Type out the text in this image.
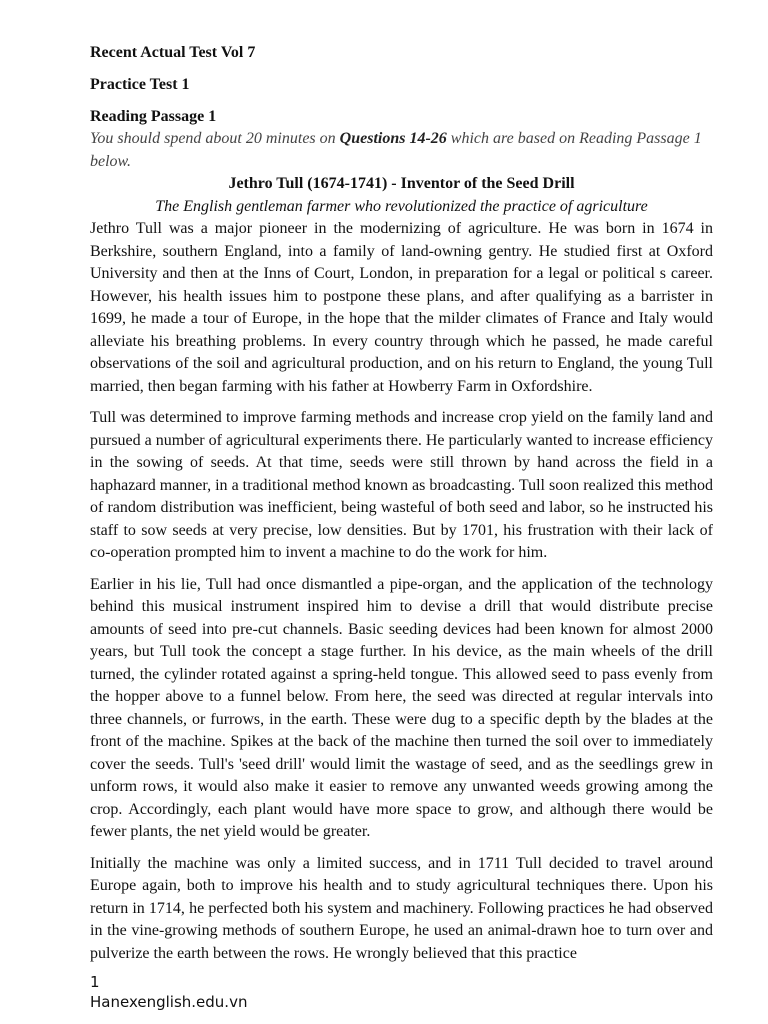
Recent Actual Test Vol 7

Practice Test 1

Reading Passage 1

You should spend about 20 minutes on Questions 14-26 which are based on Reading Passage 1 below.

Jethro Tull (1674-1741) - Inventor of the Seed Drill

The English gentleman farmer who revolutionized the practice of agriculture

Jethro Tull was a major pioneer in the modernizing of agriculture. He was born in 1674 in Berkshire, southern England, into a family of land-owning gentry. He studied first at Oxford University and then at the Inns of Court, London, in preparation for a legal or political s career. However, his health issues him to postpone these plans, and after qualifying as a barrister in 1699, he made a tour of Europe, in the hope that the milder climates of France and Italy would alleviate his breathing problems. In every country through which he passed, he made careful observations of the soil and agricultural production, and on his return to England, the young Tull married, then began farming with his father at Howberry Farm in Oxfordshire.

Tull was determined to improve farming methods and increase crop yield on the family land and pursued a number of agricultural experiments there. He particularly wanted to increase efficiency in the sowing of seeds. At that time, seeds were still thrown by hand across the field in a haphazard manner, in a traditional method known as broadcasting. Tull soon realized this method of random distribution was inefficient, being wasteful of both seed and labor, so he instructed his staff to sow seeds at very precise, low densities. But by 1701, his frustration with their lack of co-operation prompted him to invent a machine to do the work for him.

Earlier in his lie, Tull had once dismantled a pipe-organ, and the application of the technology behind this musical instrument inspired him to devise a drill that would distribute precise amounts of seed into pre-cut channels. Basic seeding devices had been known for almost 2000 years, but Tull took the concept a stage further. In his device, as the main wheels of the drill turned, the cylinder rotated against a spring-held tongue. This allowed seed to pass evenly from the hopper above to a funnel below. From here, the seed was directed at regular intervals into three channels, or furrows, in the earth. These were dug to a specific depth by the blades at the front of the machine. Spikes at the back of the machine then turned the soil over to immediately cover the seeds. Tull's 'seed drill' would limit the wastage of seed, and as the seedlings grew in unform rows, it would also make it easier to remove any unwanted weeds growing among the crop. Accordingly, each plant would have more space to grow, and although there would be fewer plants, the net yield would be greater.

Initially the machine was only a limited success, and in 1711 Tull decided to travel around Europe again, both to improve his health and to study agricultural techniques there. Upon his return in 1714, he perfected both his system and machinery. Following practices he had observed in the vine-growing methods of southern Europe, he used an animal-drawn hoe to turn over and pulverize the earth between the rows. He wrongly believed that this practice

1
Hanexenglish.edu.vn
